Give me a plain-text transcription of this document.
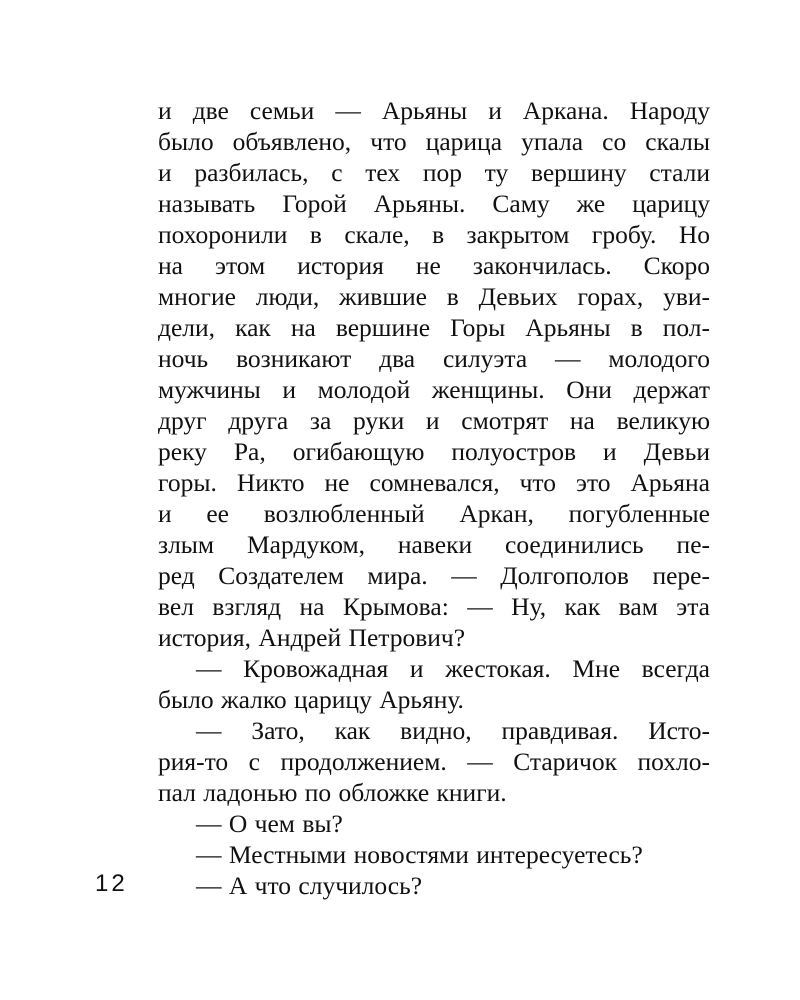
и две семьи — Арьяны и Аркана. Народу
было объявлено, что царица упала со скалы
и разбилась, с тех пор ту вершину стали
называть Горой Арьяны. Саму же царицу
похоронили в скале, в закрытом гробу. Но
на этом история не закончилась. Скоро
многие люди, жившие в Девьих горах, уви-
дели, как на вершине Горы Арьяны в пол-
ночь возникают два силуэта — молодого
мужчины и молодой женщины. Они держат
друг друга за руки и смотрят на великую
реку Ра, огибающую полуостров и Девьи
горы. Никто не сомневался, что это Арьяна
и ее возлюбленный Аркан, погубленные
злым Мардуком, навеки соединились пе-
ред Создателем мира. — Долгополов пере-
вел взгляд на Крымова: — Ну, как вам эта
история, Андрей Петрович?
— Кровожадная и жестокая. Мне всегда
было жалко царицу Арьяну.
— Зато, как видно, правдивая. Исто-
рия-то с продолжением. — Старичок похло-
пал ладонью по обложке книги.
— О чем вы?
— Местными новостями интересуетесь?
— А что случилось?
12
